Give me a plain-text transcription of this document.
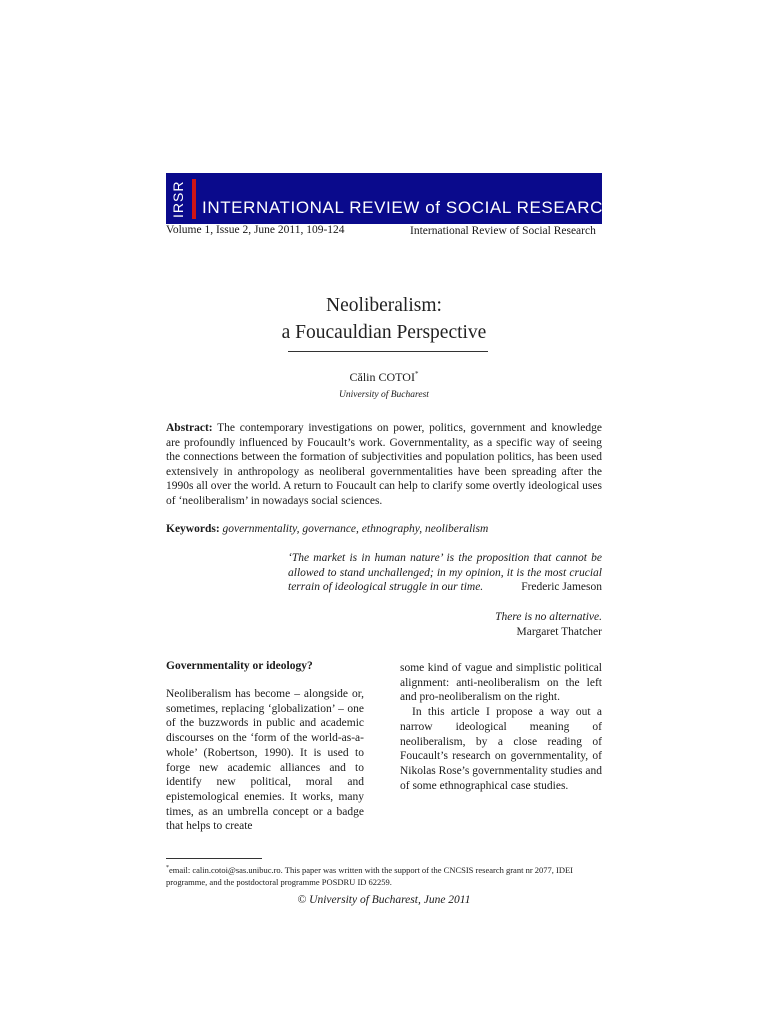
IRSR INTERNATIONAL REVIEW of SOCIAL RESEARCH
Volume 1, Issue 2, June 2011, 109-124	International Review of Social Research
Neoliberalism:
a Foucauldian Perspective
Călin COTOI*
University of Bucharest
Abstract: The contemporary investigations on power, politics, government and knowledge are profoundly influenced by Foucault’s work. Governmentality, as a specific way of seeing the connections between the formation of subjectivities and population politics, has been used extensively in anthropology as neoliberal governmentalities have been spreading after the 1990s all over the world. A return to Foucault can help to clarify some overtly ideological uses of ‘neoliberalism’ in nowadays social sciences.
Keywords: governmentality, governance, ethnography, neoliberalism
‘The market is in human nature’ is the proposition that cannot be allowed to stand unchallenged; in my opinion, it is the most crucial terrain of ideological struggle in our time.	Frederic Jameson
There is no alternative.
Margaret Thatcher
Governmentality or ideology?

Neoliberalism has become – alongside or, sometimes, replacing ‘globalization’ – one of the buzzwords in public and academic discourses on the ‘form of the world-as-a-whole’ (Robertson, 1990). It is used to forge new academic alliances and to identify new political, moral and epistemological enemies. It works, many times, as an umbrella concept or a badge that helps to create

some kind of vague and simplistic political alignment: anti-neoliberalism on the left and pro-neoliberalism on the right.

In this article I propose a way out a narrow ideological meaning of neoliberalism, by a close reading of Foucault’s research on governmentality, of Nikolas Rose’s governmentality studies and of some ethnographical case studies.

*email: calin.cotoi@sas.unibuc.ro. This paper was written with the support of the CNCSIS research grant nr 2077, IDEI programme, and the postdoctoral programme POSDRU ID 62259.
© University of Bucharest, June 2011
